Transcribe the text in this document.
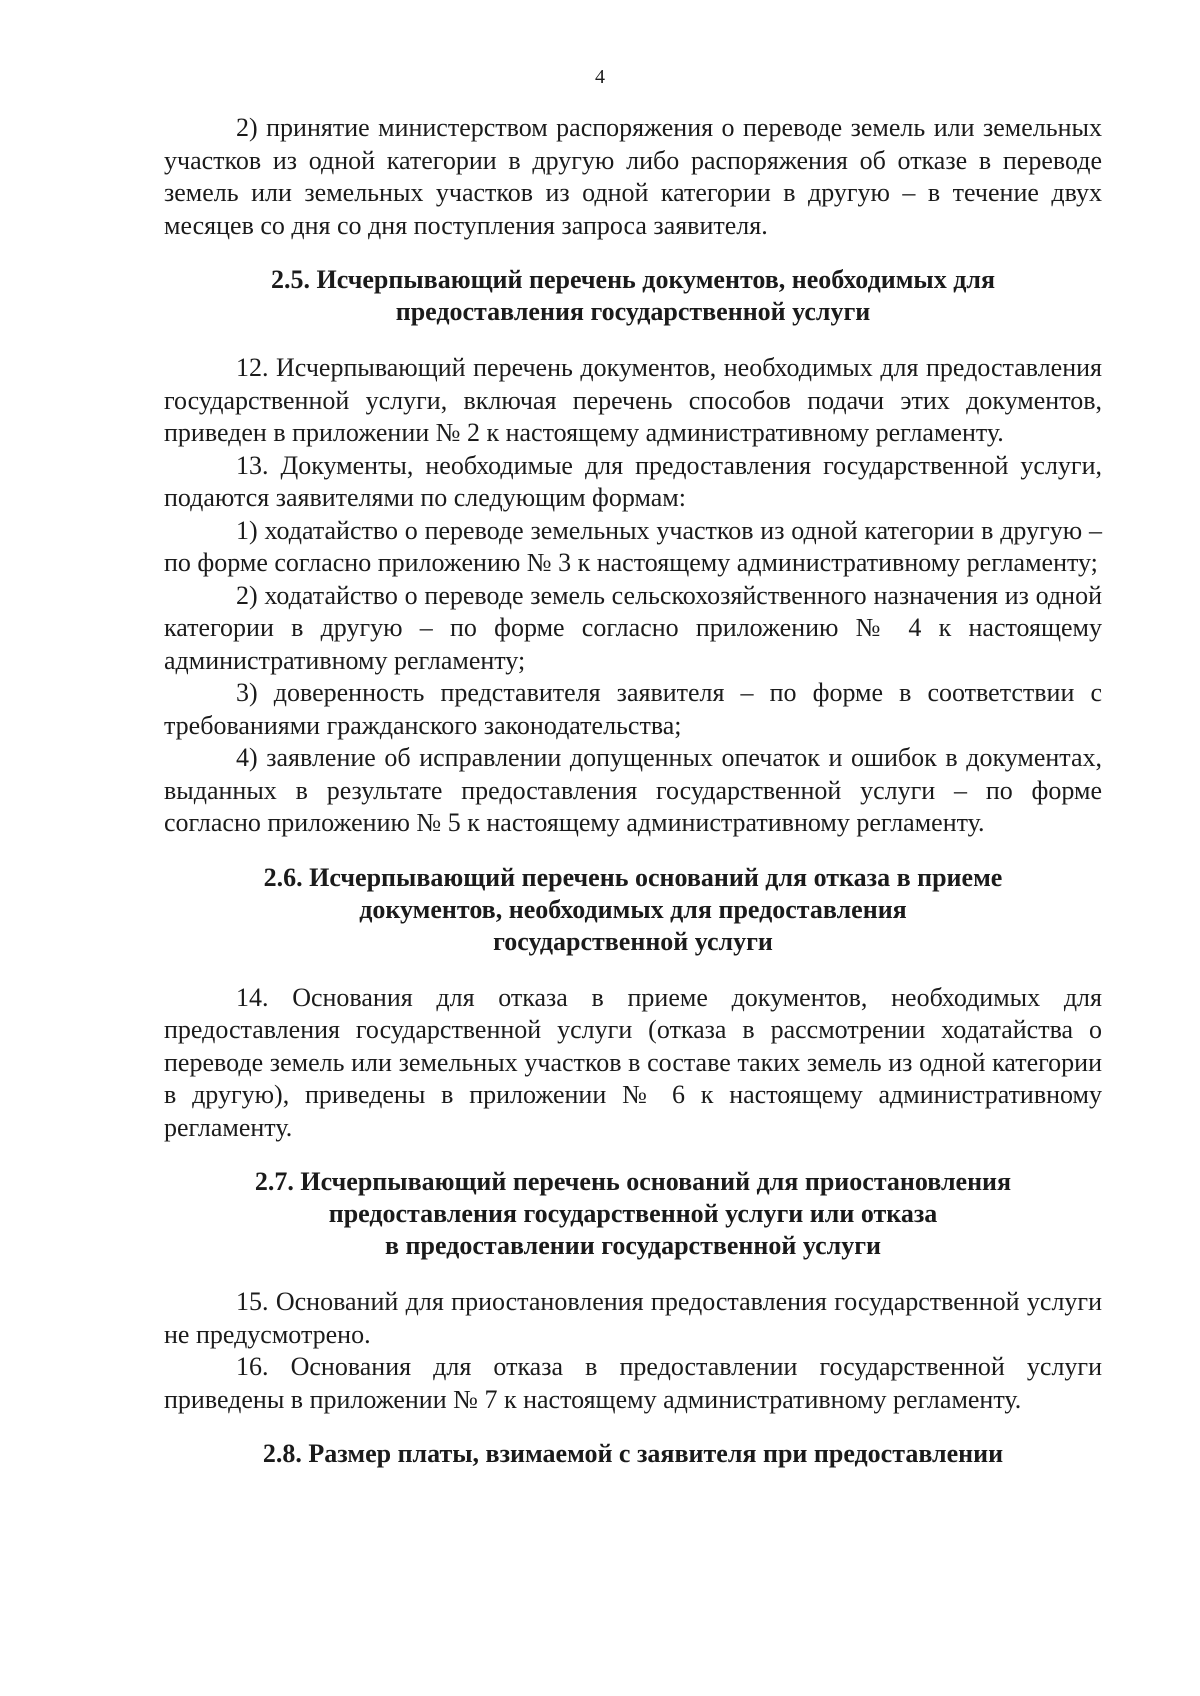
4

2) принятие министерством распоряжения о переводе земель или земельных участков из одной категории в другую либо распоряжения об отказе в переводе земель или земельных участков из одной категории в другую – в течение двух месяцев со дня со дня поступления запроса заявителя.

2.5. Исчерпывающий перечень документов, необходимых для
предоставления государственной услуги

12. Исчерпывающий перечень документов, необходимых для предоставления государственной услуги, включая перечень способов подачи этих документов, приведен в приложении № 2 к настоящему административному регламенту.

13. Документы, необходимые для предоставления государственной услуги, подаются заявителями по следующим формам:

1) ходатайство о переводе земельных участков из одной категории в другую – по форме согласно приложению № 3 к настоящему административному регламенту;

2) ходатайство о переводе земель сельскохозяйственного назначения из одной категории в другую – по форме согласно приложению № 4 к настоящему административному регламенту;

3) доверенность представителя заявителя – по форме в соответствии с требованиями гражданского законодательства;

4) заявление об исправлении допущенных опечаток и ошибок в документах, выданных в результате предоставления государственной услуги – по форме согласно приложению № 5 к настоящему административному регламенту.

2.6. Исчерпывающий перечень оснований для отказа в приеме
документов, необходимых для предоставления
государственной услуги

14. Основания для отказа в приеме документов, необходимых для предоставления государственной услуги (отказа в рассмотрении ходатайства о переводе земель или земельных участков в составе таких земель из одной категории в другую), приведены в приложении № 6 к настоящему административному регламенту.

2.7. Исчерпывающий перечень оснований для приостановления
предоставления государственной услуги или отказа
в предоставлении государственной услуги

15. Оснований для приостановления предоставления государственной услуги не предусмотрено.

16. Основания для отказа в предоставлении государственной услуги приведены в приложении № 7 к настоящему административному регламенту.

2.8. Размер платы, взимаемой с заявителя при предоставлении
